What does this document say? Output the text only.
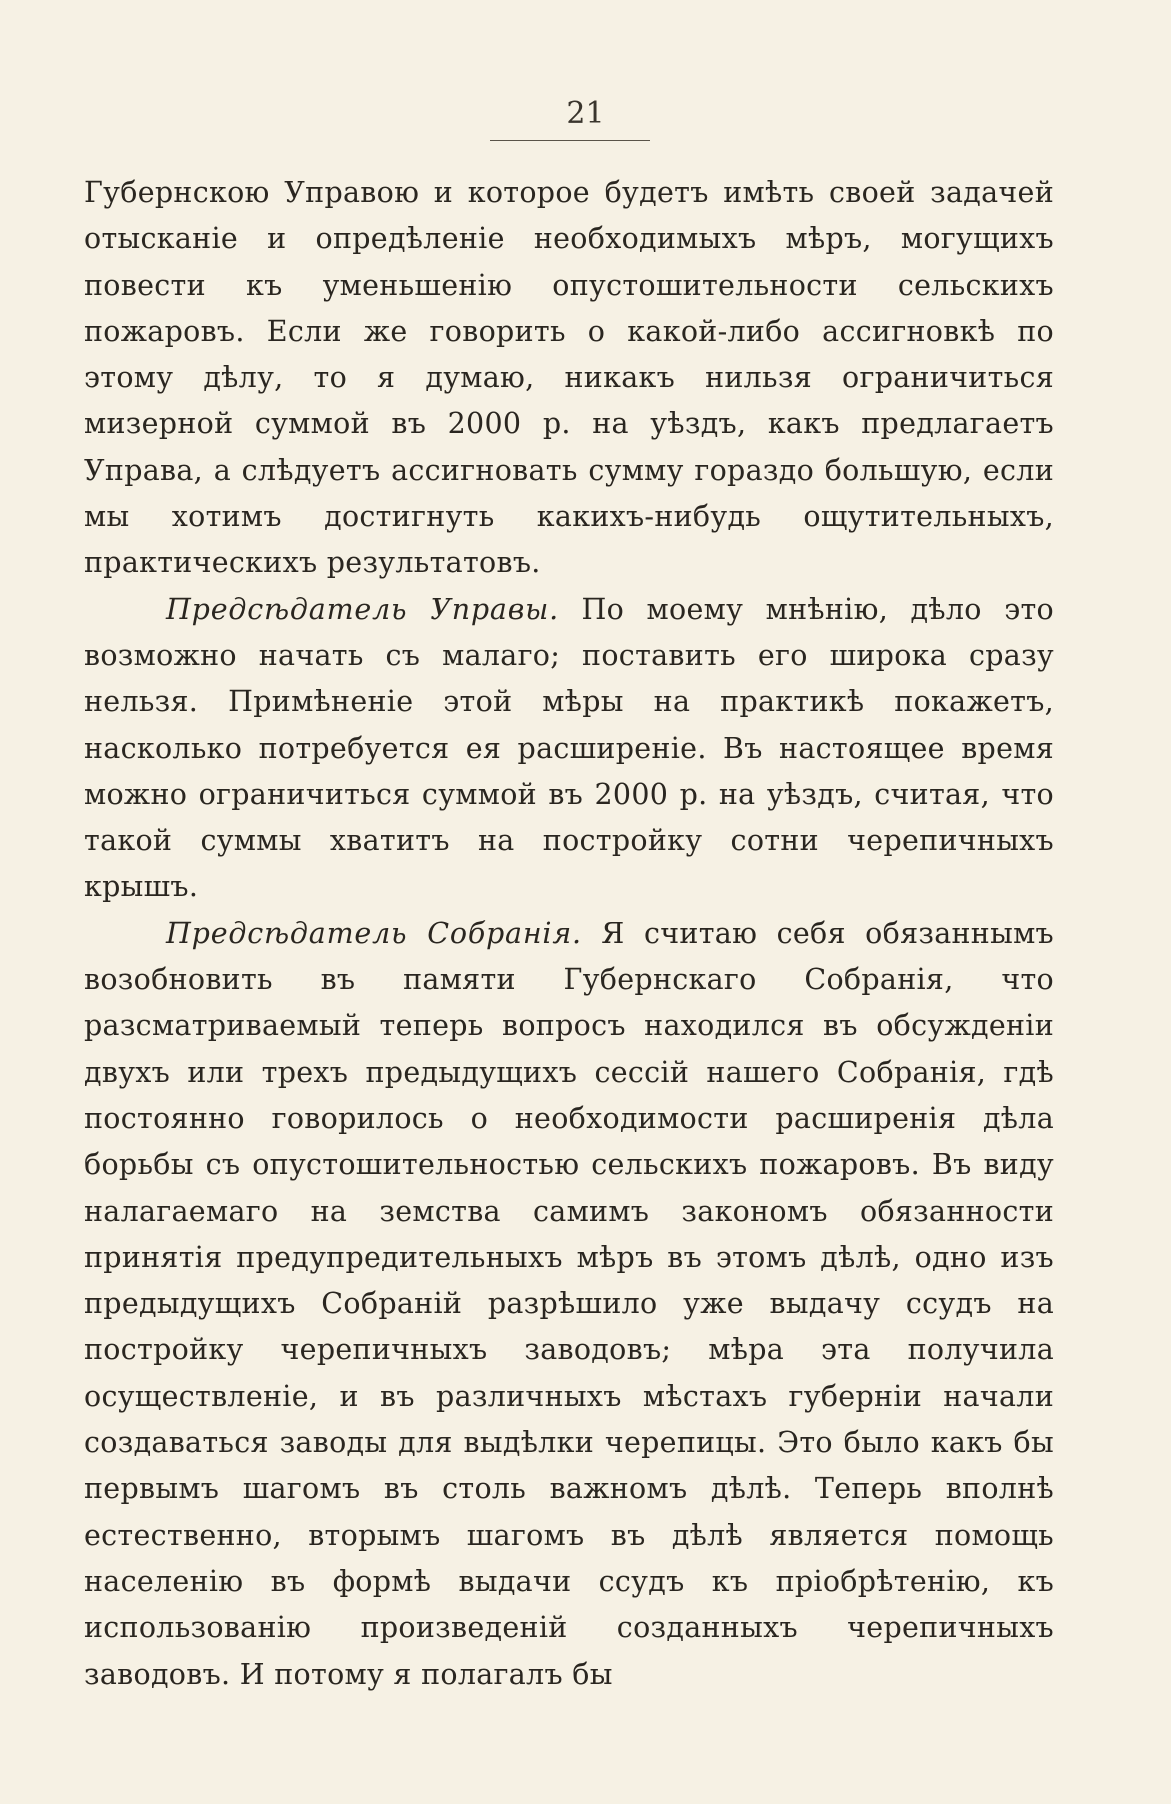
21

Губернскою Управою и которое будетъ имѣть своей задачей отысканіе и опредѣленіе необходимыхъ мѣръ, могущихъ повести къ уменьшенію опустошительности сельскихъ пожаровъ. Если же говорить о какой-либо ассигновкѣ по этому дѣлу, то я думаю, никакъ нильзя ограничиться мизерной суммой въ 2000 р. на уѣздъ, какъ предлагаетъ Управа, а слѣдуетъ ассигновать сумму гораздо большую, если мы хотимъ достигнуть какихъ-нибудь ощутительныхъ, практическихъ результатовъ.

Предсѣдатель Управы. По моему мнѣнію, дѣло это возможно начать съ малаго; поставить его широка сразу нельзя. Примѣненіе этой мѣры на практикѣ покажетъ, насколько потребуется ея расширеніе. Въ настоящее время можно ограничиться суммой въ 2000 р. на уѣздъ, считая, что такой суммы хватитъ на постройку сотни черепичныхъ крышъ.

Предсѣдатель Собранія. Я считаю себя обязаннымъ возобновить въ памяти Губернскаго Собранія, что разсматриваемый теперь вопросъ находился въ обсужденіи двухъ или трехъ предыдущихъ сессій нашего Собранія, гдѣ постоянно говорилось о необходимости расширенія дѣла борьбы съ опустошительностью сельскихъ пожаровъ. Въ виду налагаемаго на земства самимъ закономъ обязанности принятія предупредительныхъ мѣръ въ этомъ дѣлѣ, одно изъ предыдущихъ Собраній разрѣшило уже выдачу ссудъ на постройку черепичныхъ заводовъ; мѣра эта получила осуществленіе, и въ различныхъ мѣстахъ губерніи начали создаваться заводы для выдѣлки черепицы. Это было какъ бы первымъ шагомъ въ столь важномъ дѣлѣ. Теперь вполнѣ естественно, вторымъ шагомъ въ дѣлѣ является помощь населенію въ формѣ выдачи ссудъ къ пріобрѣтенію, къ использованію произведеній созданныхъ черепичныхъ заводовъ. И потому я полагалъ бы
